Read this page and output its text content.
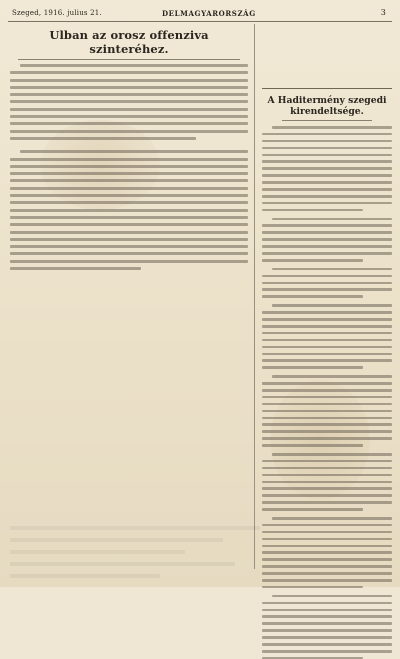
Szeged, 1916. julius 21.	DELMAGYARORSZÁG	3
Ulban az orosz offenziva szinteréhez.
A Haditermény szegedi kirendeltsége.
